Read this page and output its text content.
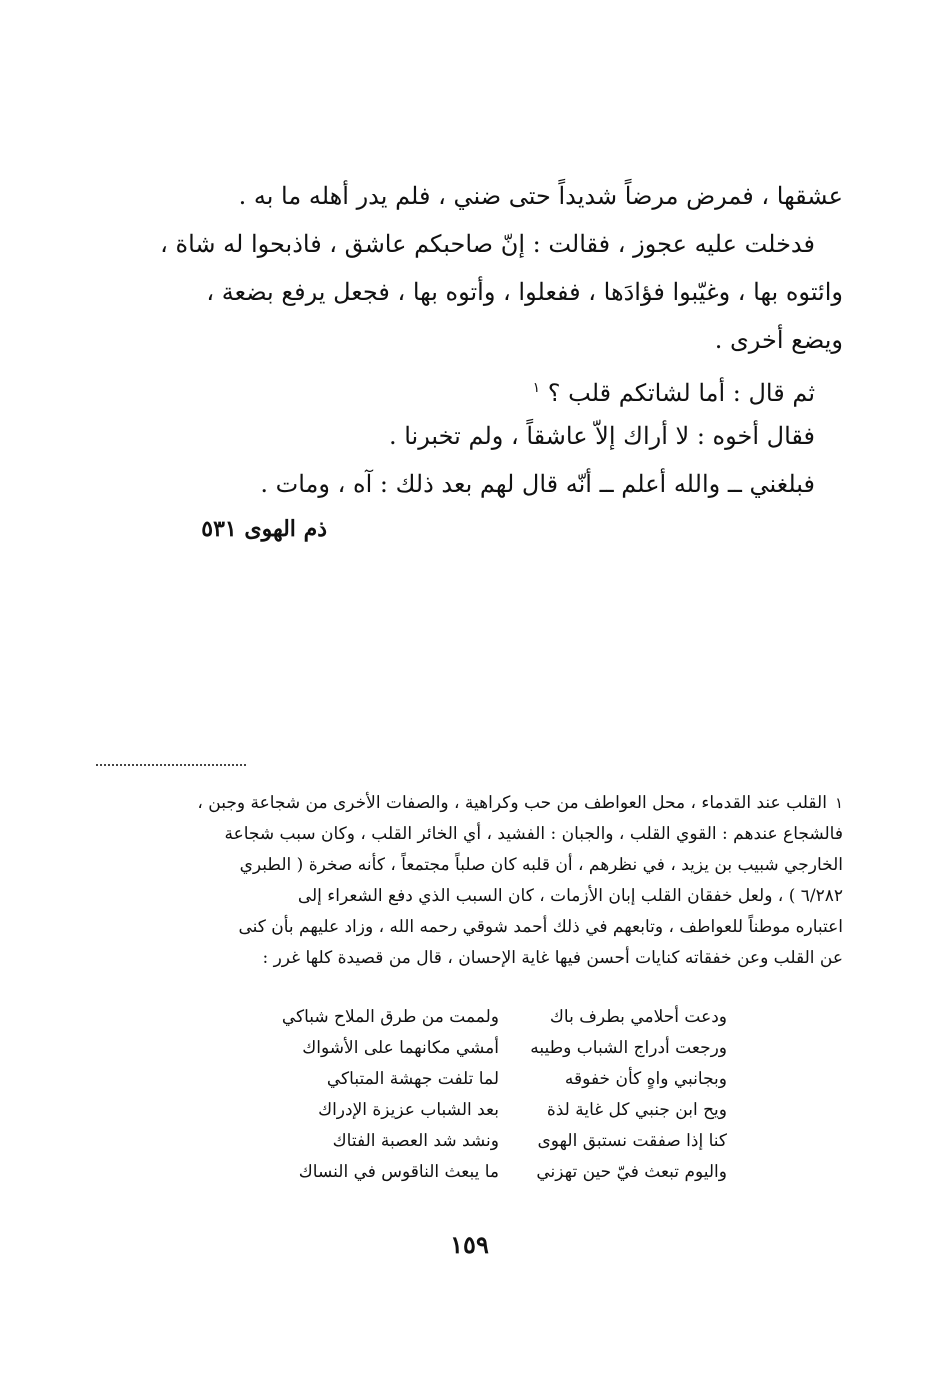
عشقها ، فمرض مرضاً شديداً حتى ضني ، فلم يدر أهله ما به .
فدخلت عليه عجوز ، فقالت : إنّ صاحبكم عاشق ، فاذبحوا له شاة ،
وائتوه بها ، وغيّبوا فؤادَها ، ففعلوا ، وأتوه بها ، فجعل يرفع بضعة ،
ويضع أخرى .
ثم قال : أما لشاتكم قلب ؟ $^١$
فقال أخوه : لا أراك إلاّ عاشقاً ، ولم تخبرنا .
فبلغني ــ والله أعلم ــ أنّه قال لهم بعد ذلك : آه ، ومات .
ذم الهوى ٥٣١
١القلب عند القدماء ، محل العواطف من حب وكراهية ، والصفات الأخرى من شجاعة وجبن ،
فالشجاع عندهم : القوي القلب ، والجبان : الفشيد ، أي الخائر القلب ، وكان سبب شجاعة
الخارجي شبيب بن يزيد ، في نظرهم ، أن قلبه كان صلباً مجتمعاً ، كأنه صخرة ( الطبري
٦/٢٨٢ ) ، ولعل خفقان القلب إبان الأزمات ، كان السبب الذي دفع الشعراء إلى
اعتباره موطناً للعواطف ، وتابعهم في ذلك أحمد شوقي رحمه الله ، وزاد عليهم بأن كنى
عن القلب وعن خفقاته كنايات أحسن فيها غاية الإحسان ، قال من قصيدة كلها غرر :
ودعت أحلامي بطرف باك
ولممت من طرق الملاح شباكي
ورجعت أدراج الشباب وطيبه
أمشي مكانهما على الأشواك
وبجانبي واهٍ كأن خفوقه
لما تلفت جهشة المتباكي
ويح ابن جنبي كل غاية لذة
بعد الشباب عزيزة الإدراك
كنا إذا صفقت نستبق الهوى
ونشد شد العصبة الفتاك
واليوم تبعث فيّ حين تهزني
ما يبعث الناقوس في النساك
١٥٩
